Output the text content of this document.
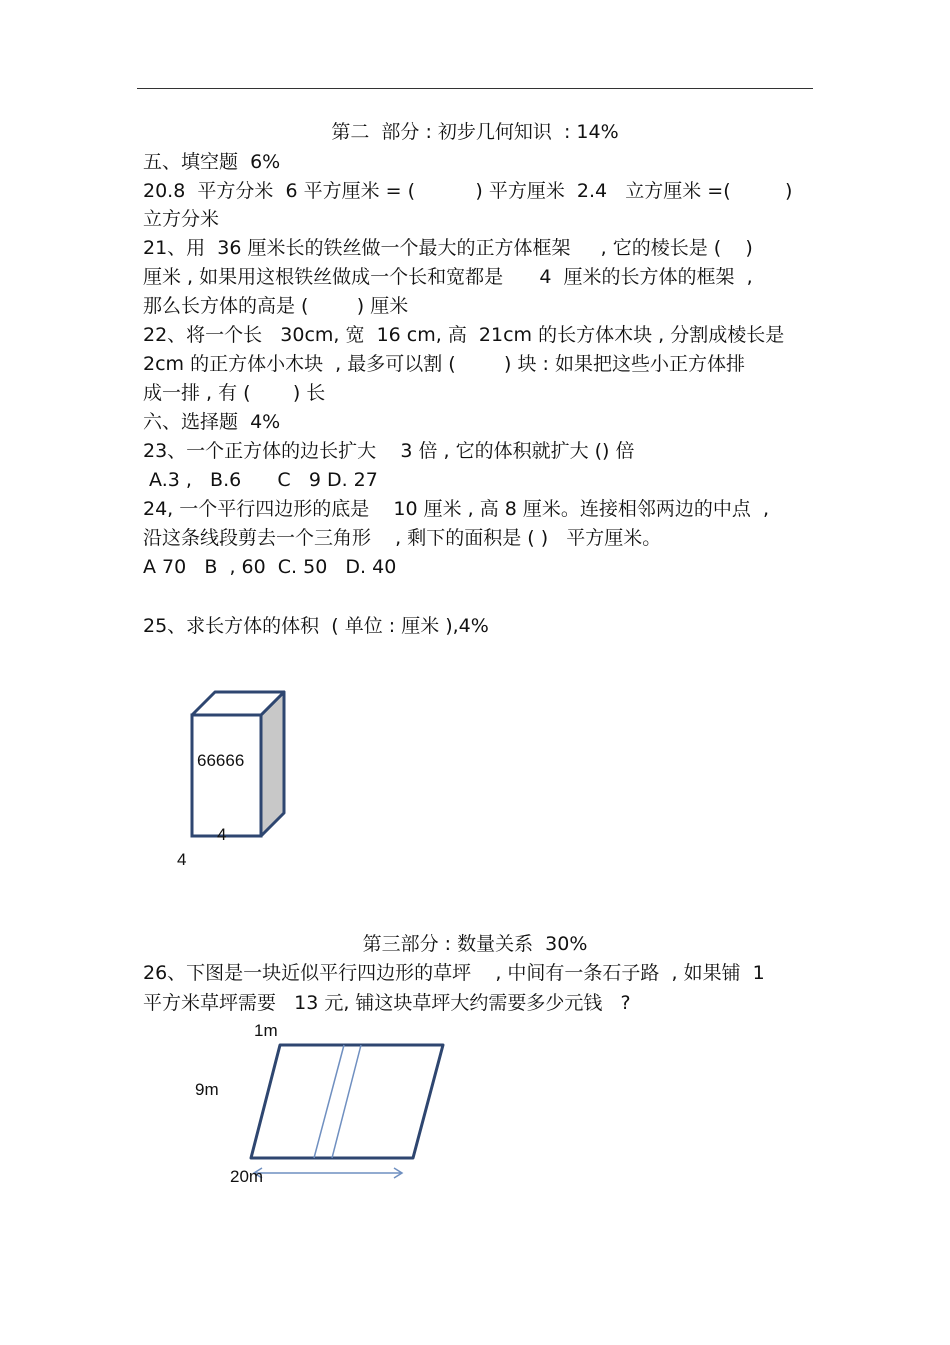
第二  部分 : 初步几何知识  : 14%
五、填空题  6%
20.8  平方分米  6 平方厘米 = (          ) 平方厘米  2.4   立方厘米 =(         )
立方分米
21、用  36 厘米长的铁丝做一个最大的正方体框架     , 它的棱长是 (    )
厘米 , 如果用这根铁丝做成一个长和宽都是      4  厘米的长方体的框架  ,
那么长方体的高是 (        ) 厘米
22、将一个长   30cm, 宽  16 cm, 高  21cm 的长方体木块 , 分割成棱长是
2cm 的正方体小木块  , 最多可以割 (        ) 块 : 如果把这些小正方体排
成一排 , 有 (       ) 长
六、选择题  4%
23、一个正方体的边长扩大    3 倍 , 它的体积就扩大 () 倍
A.3 ,   B.6      C   9 D. 27
24, 一个平行四边形的底是    10 厘米 , 高 8 厘米。连接相邻两边的中点  ,
沿这条线段剪去一个三角形    , 剩下的面积是 ( )   平方厘米。
A 70   B  , 60  C. 50   D. 40
25、求长方体的体积  ( 单位 : 厘米 ),4%
66666
4
4
第三部分 : 数量关系  30%
26、下图是一块近似平行四边形的草坪    , 中间有一条石子路  , 如果铺  1
平方米草坪需要   13 元, 铺这块草坪大约需要多少元钱   ?
1m
9m
20m
